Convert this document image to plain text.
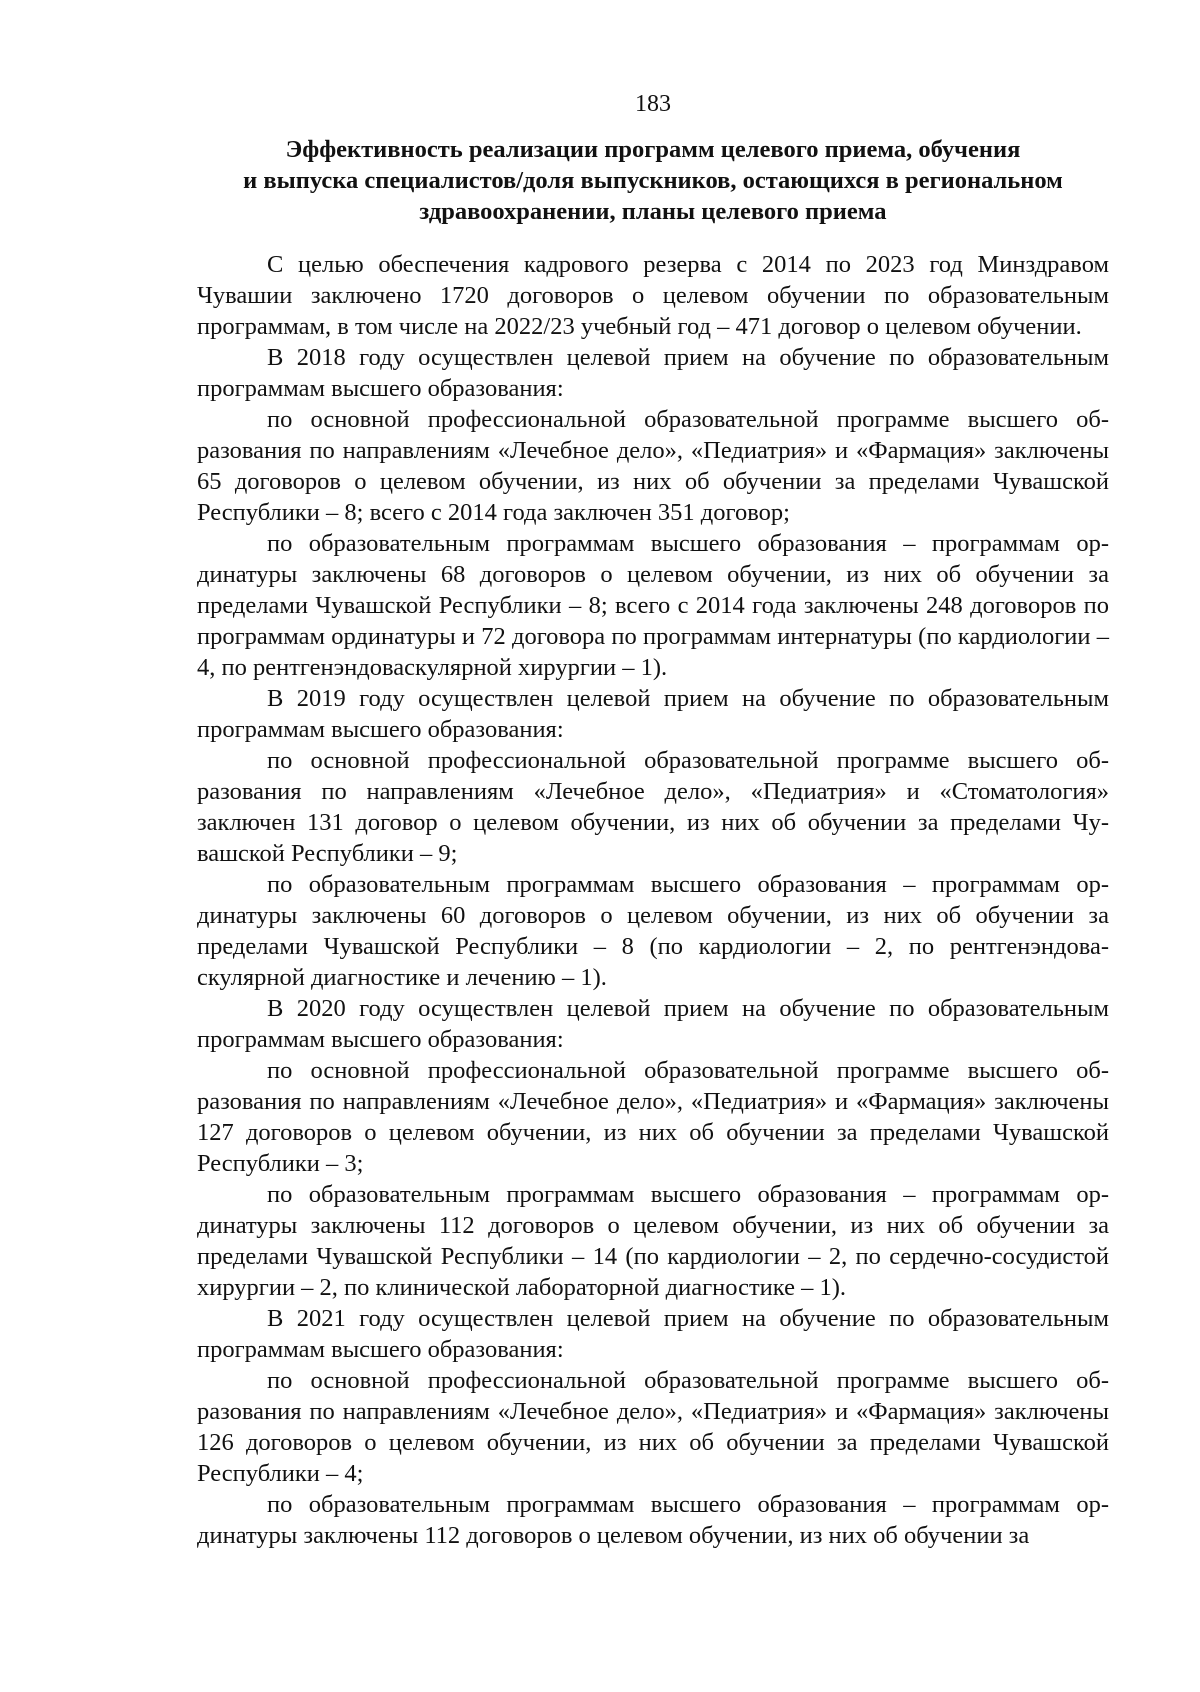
183
Эффективность реализации программ целевого приема, обучения
и выпуска специалистов/доля выпускников, остающихся в региональном
здравоохранении, планы целевого приема

С целью обеспечения кадрового резерва с 2014 по 2023 год Минздравом Чувашии заключено 1720 договоров о целевом обучении по образовательным программам, в том числе на 2022/23 учебный год – 471 договор о целевом обучении.

В 2018 году осуществлен целевой прием на обучение по образовательным программам высшего образования:

по основной профессиональной образовательной программе высшего образования по направлениям «Лечебное дело», «Педиатрия» и «Фармация» заключены 65 договоров о целевом обучении, из них об обучении за пределами Чувашской Республики – 8; всего с 2014 года заключен 351 договор;

по образовательным программам высшего образования – программам ординатуры заключены 68 договоров о целевом обучении, из них об обучении за пределами Чувашской Республики – 8; всего с 2014 года заключены 248 договоров по программам ординатуры и 72 договора по программам интернатуры (по кардиологии – 4, по рентгенэндоваскулярной хирургии – 1).

В 2019 году осуществлен целевой прием на обучение по образовательным программам высшего образования:

по основной профессиональной образовательной программе высшего образования по направлениям «Лечебное дело», «Педиатрия» и «Стоматология» заключен 131 договор о целевом обучении, из них об обучении за пределами Чувашской Республики – 9;

по образовательным программам высшего образования – программам ординатуры заключены 60 договоров о целевом обучении, из них об обучении за пределами Чувашской Республики – 8 (по кардиологии – 2, по рентгенэндоваскулярной диагностике и лечению – 1).

В 2020 году осуществлен целевой прием на обучение по образовательным программам высшего образования:

по основной профессиональной образовательной программе высшего образования по направлениям «Лечебное дело», «Педиатрия» и «Фармация» заключены 127 договоров о целевом обучении, из них об обучении за пределами Чувашской Республики – 3;

по образовательным программам высшего образования – программам ординатуры заключены 112 договоров о целевом обучении, из них об обучении за пределами Чувашской Республики – 14 (по кардиологии – 2, по сердечно-сосудистой хирургии – 2, по клинической лабораторной диагностике – 1).

В 2021 году осуществлен целевой прием на обучение по образовательным программам высшего образования:

по основной профессиональной образовательной программе высшего образования по направлениям «Лечебное дело», «Педиатрия» и «Фармация» заключены 126 договоров о целевом обучении, из них об обучении за пределами Чувашской Республики – 4;

по образовательным программам высшего образования – программам ординатуры заключены 112 договоров о целевом обучении, из них об обучении за
